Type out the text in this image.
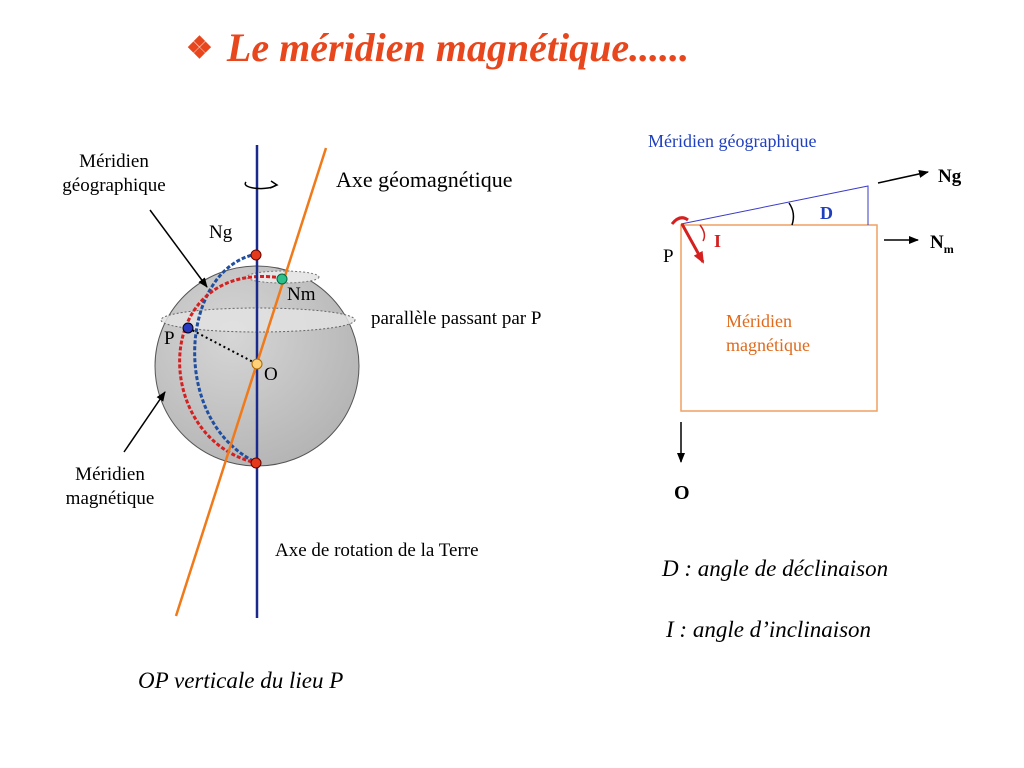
❖ Le méridien magnétique......
Méridien
géographique	Axe géomagnétique
Ng
Nm
parallèle passant par P
P
O
Méridien
magnétique
Axe de rotation de la Terre
OP verticale du lieu P
Méridien géographique
Ng
D
I	$N_m$
P
Méridien
magnétique
O
D : angle de déclinaison
I : angle d’inclinaison
